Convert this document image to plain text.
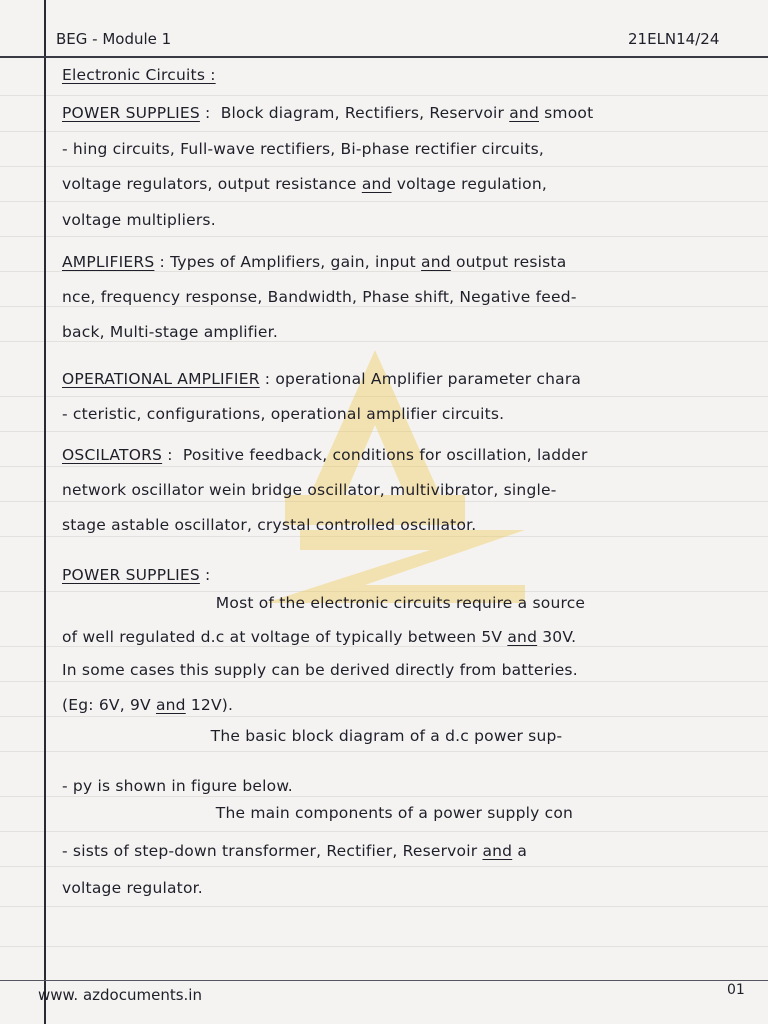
BEG - Module 1	21ELN14/24
Electronic Circuits :
POWER SUPPLIES :  Block diagram, Rectifiers, Reservoir and smoot
- hing circuits, Full-wave rectifiers, Bi-phase rectifier circuits,
voltage regulators, output resistance and voltage regulation,
voltage multipliers.
AMPLIFIERS : Types of Amplifiers, gain, input and output resista
nce, frequency response, Bandwidth, Phase shift, Negative feed-
back, Multi-stage amplifier.
OPERATIONAL AMPLIFIER : operational Amplifier parameter chara
- cteristic, configurations, operational amplifier circuits.
OSCILATORS :  Positive feedback, conditions for oscillation, ladder
network oscillator wein bridge oscillator, multivibrator, single-
stage astable oscillator, crystal controlled oscillator.
POWER SUPPLIES :
Most of the electronic circuits require a source
of well regulated d.c at voltage of typically between 5V and 30V.
In some cases this supply can be derived directly from batteries.
(Eg: 6V, 9V and 12V).
The basic block diagram of a d.c power sup-
- py is shown in figure below.
The main components of a power supply con
- sists of step-down transformer, Rectifier, Reservoir and a
voltage regulator.
www. azdocuments.in	01
